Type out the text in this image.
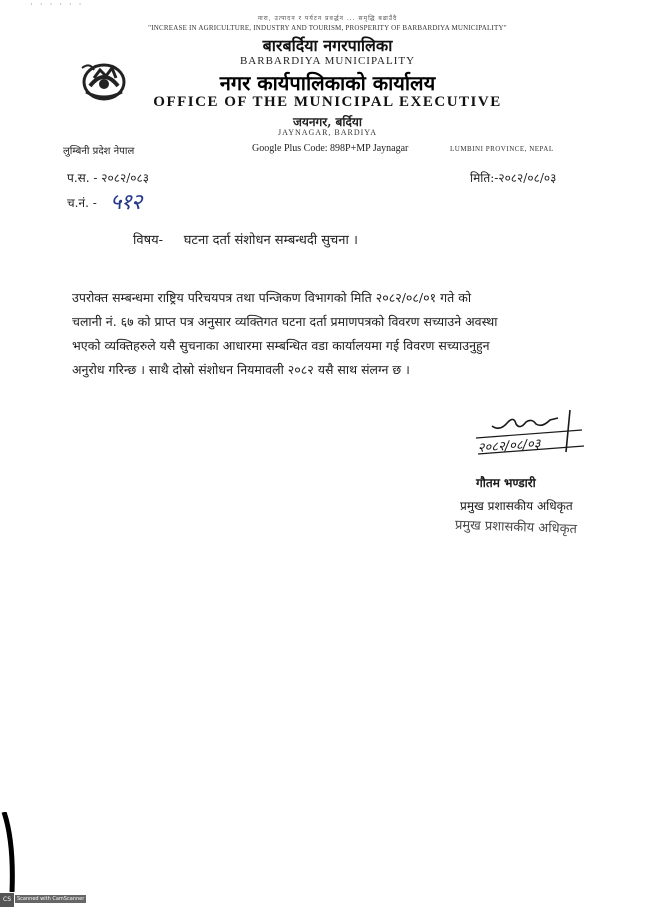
· · · · · ·
नारा, उत्पादन र पर्यटन प्रवर्द्धन ... समृद्धि बढाउँदै
"INCREASE IN AGRICULTURE, INDUSTRY AND TOURISM, PROSPERITY OF BARBARDIYA MUNICIPALITY"
बारबर्दिया नगरपालिका
BARBARDIYA MUNICIPALITY
नगर कार्यपालिकाको कार्यालय
OFFICE OF THE MUNICIPAL EXECUTIVE
जयनगर, बर्दिया
JAYNAGAR, BARDIYA
लुम्बिनी प्रदेश नेपाल	Google Plus Code: 898P+MP Jaynagar	LUMBINI PROVINCE, NEPAL
प.स. - २०८२/०८३
च.नं. - ५१२
मिति:-२०८२/०८/०३
विषय-     घटना दर्ता संशोधन सम्बन्धदी सुचना ।
उपरोक्त सम्बन्धमा राष्ट्रिय परिचयपत्र तथा पन्जिकण विभागको मिति २०८२/०८/०१ गते को
चलानी नं. ६७ को प्राप्त पत्र अनुसार व्यक्तिगत घटना दर्ता प्रमाणपत्रको विवरण सच्याउने अवस्था
भएको व्यक्तिहरुले यसै सुचनाका आधारमा सम्बन्धित वडा कार्यालयमा गई विवरण सच्याउनुहुन
अनुरोध गरिन्छ । साथै दोस्रो संशोधन नियमावली २०८२ यसै साथ संलग्न छ ।
२०८२/०८/०३
गौतम भण्डारी
प्रमुख प्रशासकीय अधिकृत
प्रमुख प्रशासकीय अधिकृत
CS	Scanned with CamScanner
